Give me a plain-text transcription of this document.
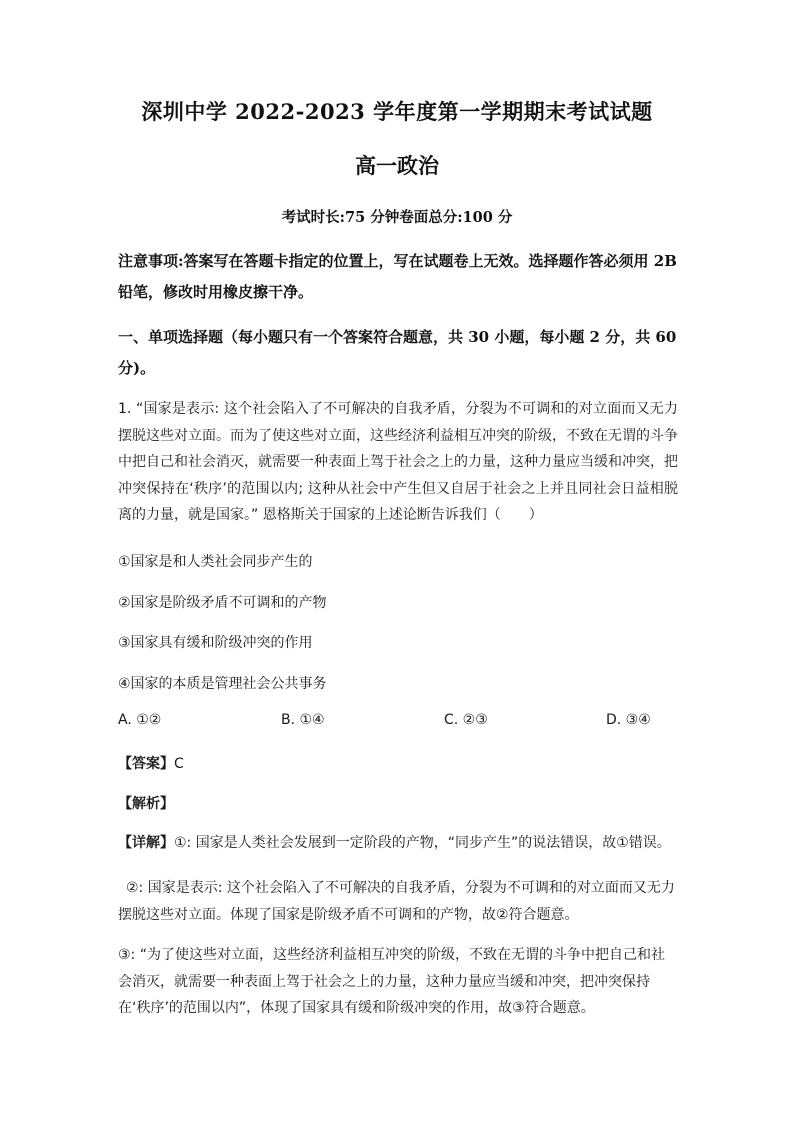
深圳中学 2022-2023 学年度第一学期期末考试试题
高一政治
考试时长:75 分钟卷面总分:100 分
注意事项:答案写在答题卡指定的位置上，写在试题卷上无效。选择题作答必须用 2B 铅笔，修改时用橡皮擦干净。
一、单项选择题（每小题只有一个答案符合题意，共 30 小题，每小题 2 分，共 60 分)。
1. “国家是表示: 这个社会陷入了不可解决的自我矛盾，分裂为不可调和的对立面而又无力摆脱这些对立面。而为了使这些对立面，这些经济利益相互冲突的阶级，不致在无谓的斗争中把自己和社会消灭，就需要一种表面上驾于社会之上的力量，这种力量应当缓和冲突，把冲突保持在‘秩序’的范围以内; 这种从社会中产生但又自居于社会之上并且同社会日益相脱离的力量，就是国家。” 恩格斯关于国家的上述论断告诉我们（　　）
①国家是和人类社会同步产生的
②国家是阶级矛盾不可调和的产物
③国家具有缓和阶级冲突的作用
④国家的本质是管理社会公共事务
A. ①②	B. ①④	C. ②③	D. ③④
【答案】C
【解析】
【详解】①: 国家是人类社会发展到一定阶段的产物，“同步产生”的说法错误，故①错误。
②: 国家是表示: 这个社会陷入了不可解决的自我矛盾，分裂为不可调和的对立面而又无力摆脱这些对立面。体现了国家是阶级矛盾不可调和的产物，故②符合题意。
③: “为了使这些对立面，这些经济利益相互冲突的阶级，不致在无谓的斗争中把自己和社会消灭，就需要一种表面上驾于社会之上的力量，这种力量应当缓和冲突，把冲突保持在‘秩序’的范围以内”，体现了国家具有缓和阶级冲突的作用，故③符合题意。
